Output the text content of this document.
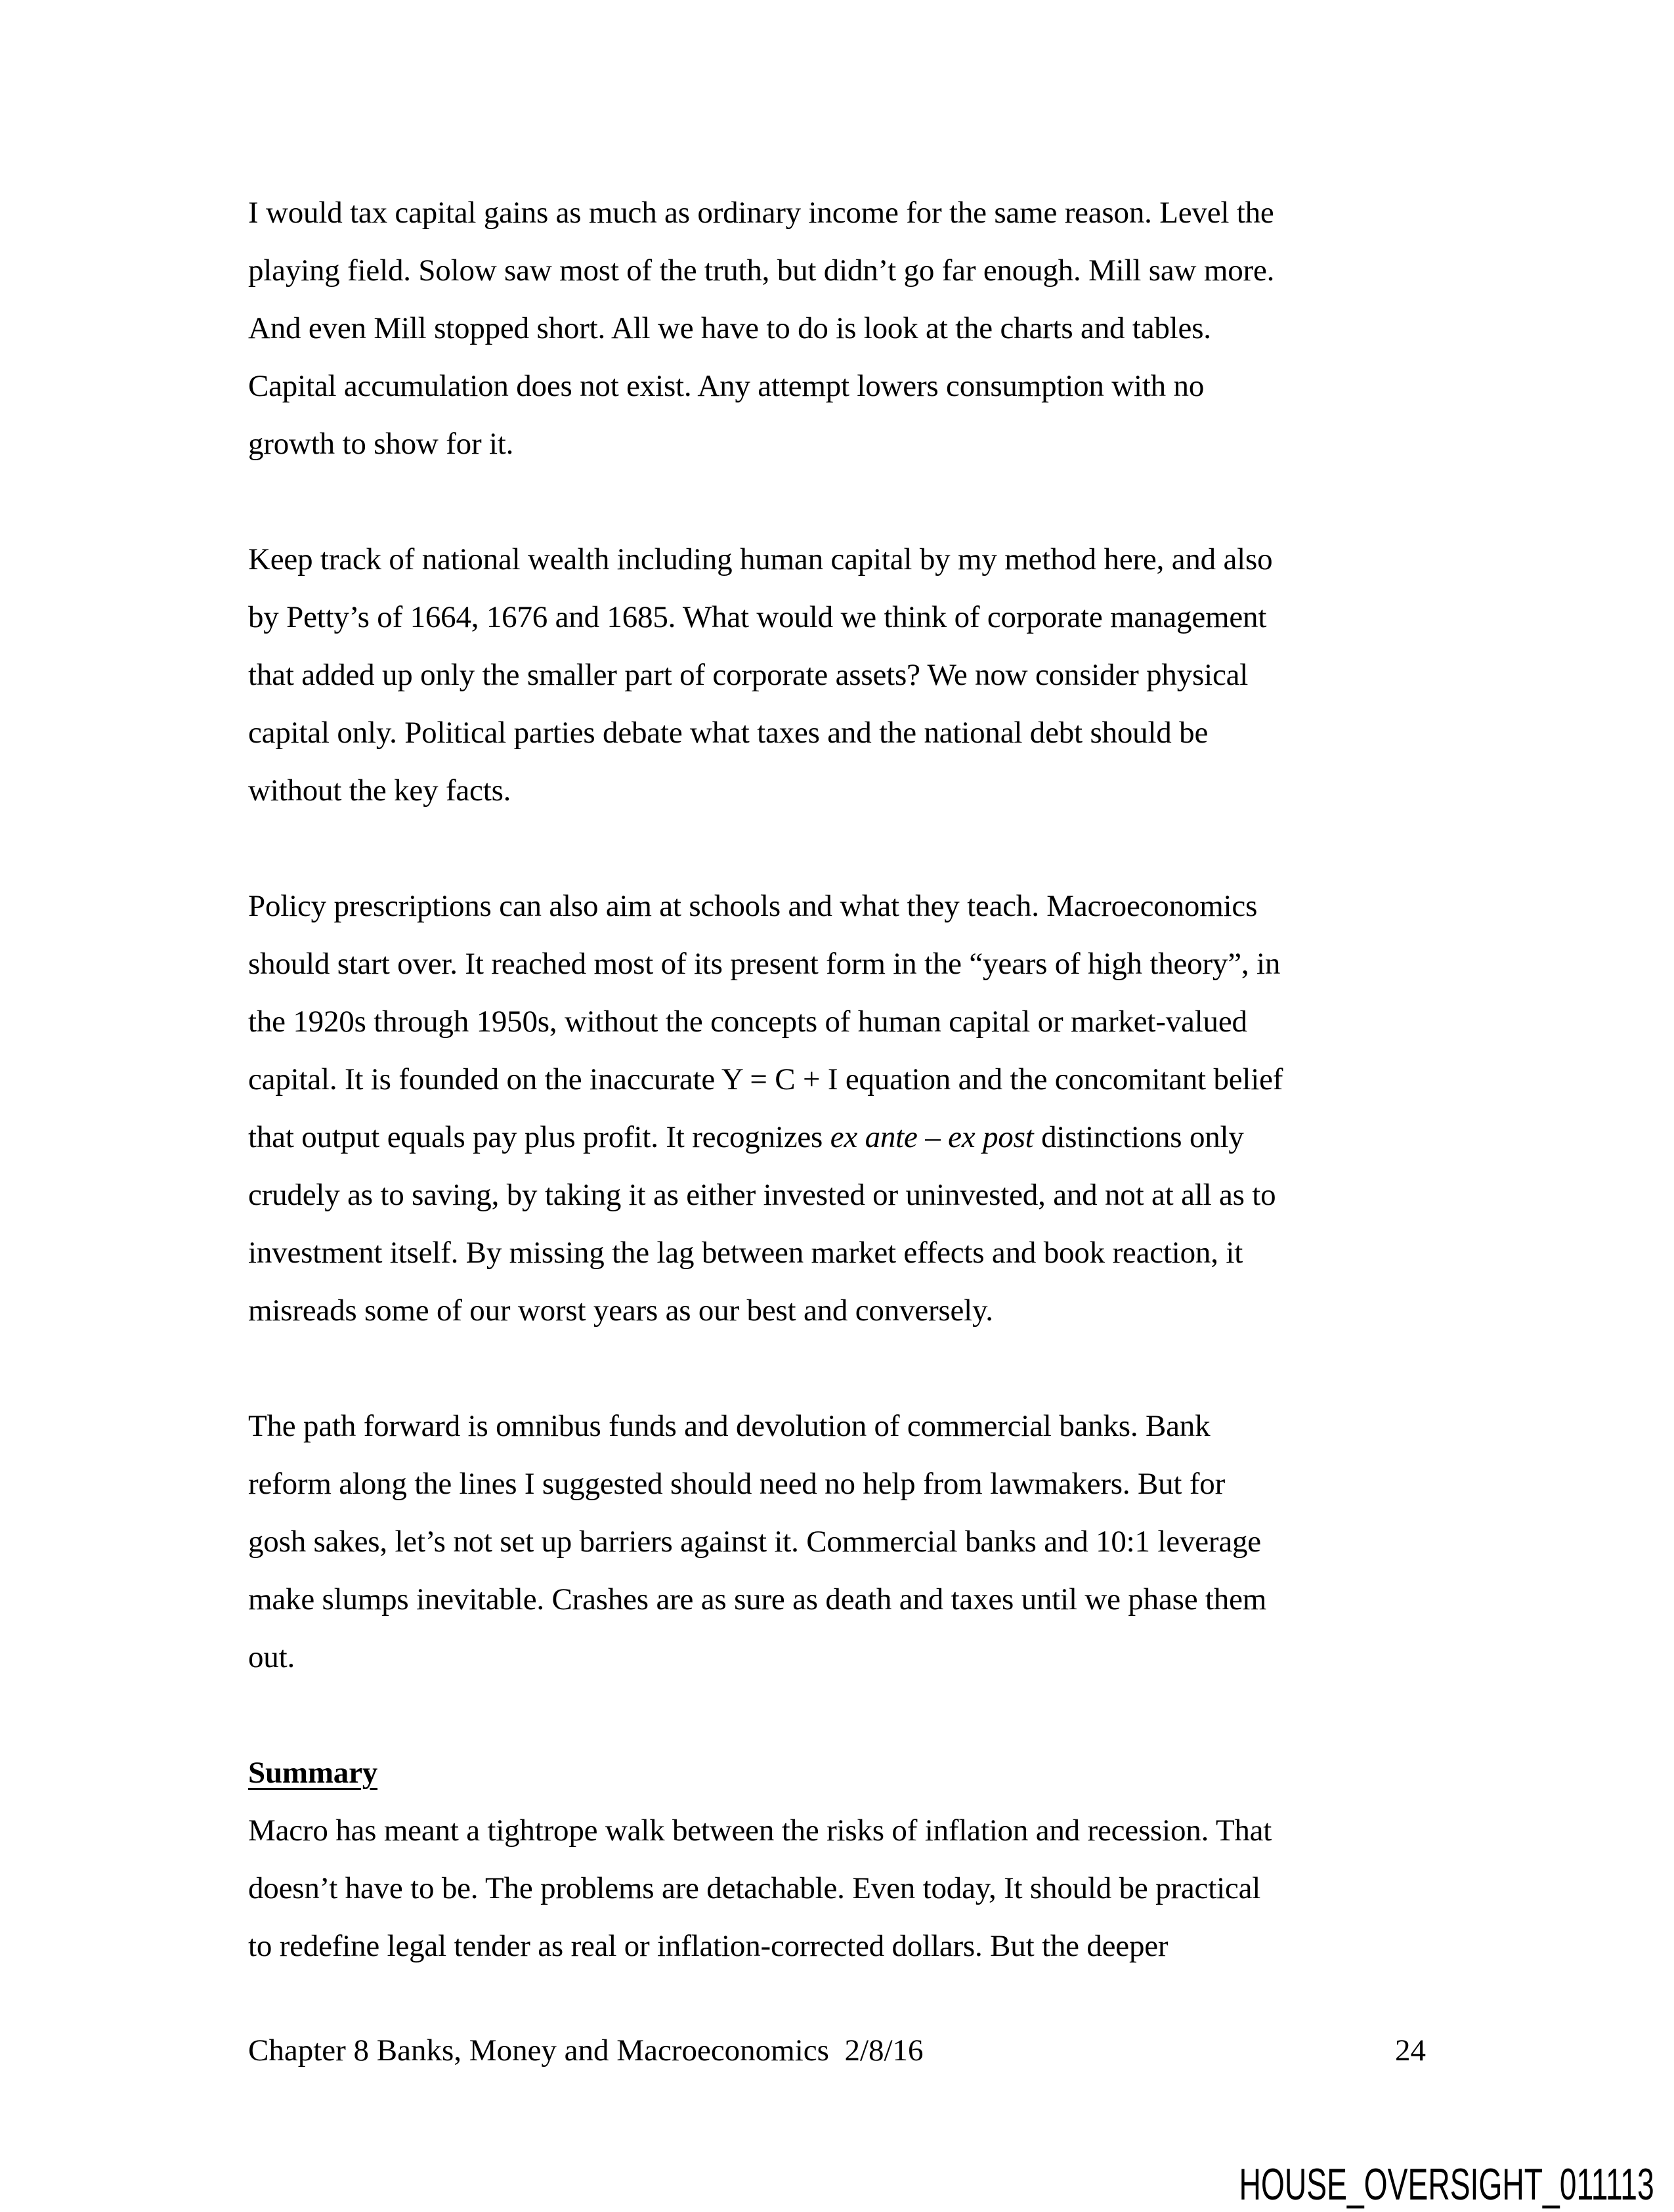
I would tax capital gains as much as ordinary income for the same reason. Level the
playing field. Solow saw most of the truth, but didn’t go far enough. Mill saw more.
And even Mill stopped short. All we have to do is look at the charts and tables.
Capital accumulation does not exist. Any attempt lowers consumption with no
growth to show for it.
Keep track of national wealth including human capital by my method here, and also
by Petty’s of 1664, 1676 and 1685. What would we think of corporate management
that added up only the smaller part of corporate assets? We now consider physical
capital only. Political parties debate what taxes and the national debt should be
without the key facts.
Policy prescriptions can also aim at schools and what they teach. Macroeconomics
should start over. It reached most of its present form in the “years of high theory”, in
the 1920s through 1950s, without the concepts of human capital or market-valued
capital. It is founded on the inaccurate Y = C + I equation and the concomitant belief
that output equals pay plus profit. It recognizes ex ante – ex post distinctions only
crudely as to saving, by taking it as either invested or uninvested, and not at all as to
investment itself. By missing the lag between market effects and book reaction, it
misreads some of our worst years as our best and conversely.
The path forward is omnibus funds and devolution of commercial banks. Bank
reform along the lines I suggested should need no help from lawmakers. But for
gosh sakes, let’s not set up barriers against it. Commercial banks and 10:1 leverage
make slumps inevitable. Crashes are as sure as death and taxes until we phase them
out.
Summary
Macro has meant a tightrope walk between the risks of inflation and recession. That
doesn’t have to be. The problems are detachable. Even today, It should be practical
to redefine legal tender as real or inflation-corrected dollars. But the deeper
Chapter 8 Banks, Money and Macroeconomics  2/8/16	24
HOUSE_OVERSIGHT_011113
